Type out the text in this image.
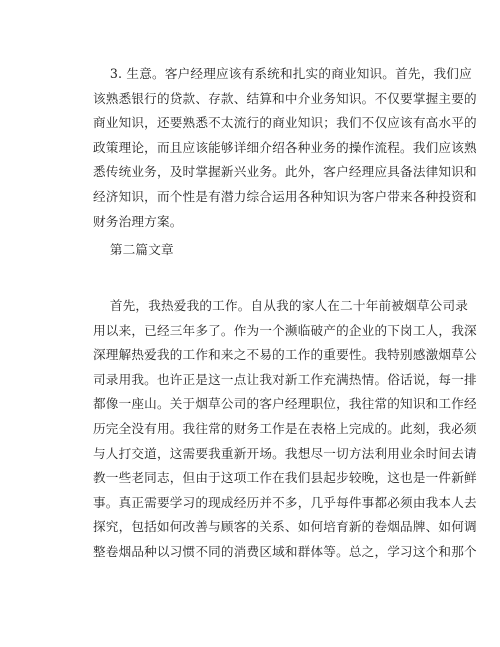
3. 生意。客户经理应该有系统和扎实的商业知识。首先，我们应
该熟悉银行的贷款、存款、结算和中介业务知识。不仅要掌握主要的
商业知识，还要熟悉不太流行的商业知识；我们不仅应该有高水平的
政策理论，而且应该能够详细介绍各种业务的操作流程。我们应该熟
悉传统业务，及时掌握新兴业务。此外，客户经理应具备法律知识和
经济知识，而个性是有潜力综合运用各种知识为客户带来各种投资和
财务治理方案。
第二篇文章
首先，我热爱我的工作。自从我的家人在二十年前被烟草公司录
用以来，已经三年多了。作为一个濒临破产的企业的下岗工人，我深
深理解热爱我的工作和来之不易的工作的重要性。我特别感激烟草公
司录用我。也许正是这一点让我对新工作充满热情。俗话说，每一排
都像一座山。关于烟草公司的客户经理职位，我往常的知识和工作经
历完全没有用。我往常的财务工作是在表格上完成的。此刻，我必须
与人打交道，这需要我重新开场。我想尽一切方法利用业余时间去请
教一些老同志，但由于这项工作在我们县起步较晚，这也是一件新鲜
事。真正需要学习的现成经历并不多，几乎每件事都必须由我本人去
探究，包括如何改善与顾客的关系、如何培育新的卷烟品牌、如何调
整卷烟品种以习惯不同的消费区域和群体等。总之，学习这个和那个
